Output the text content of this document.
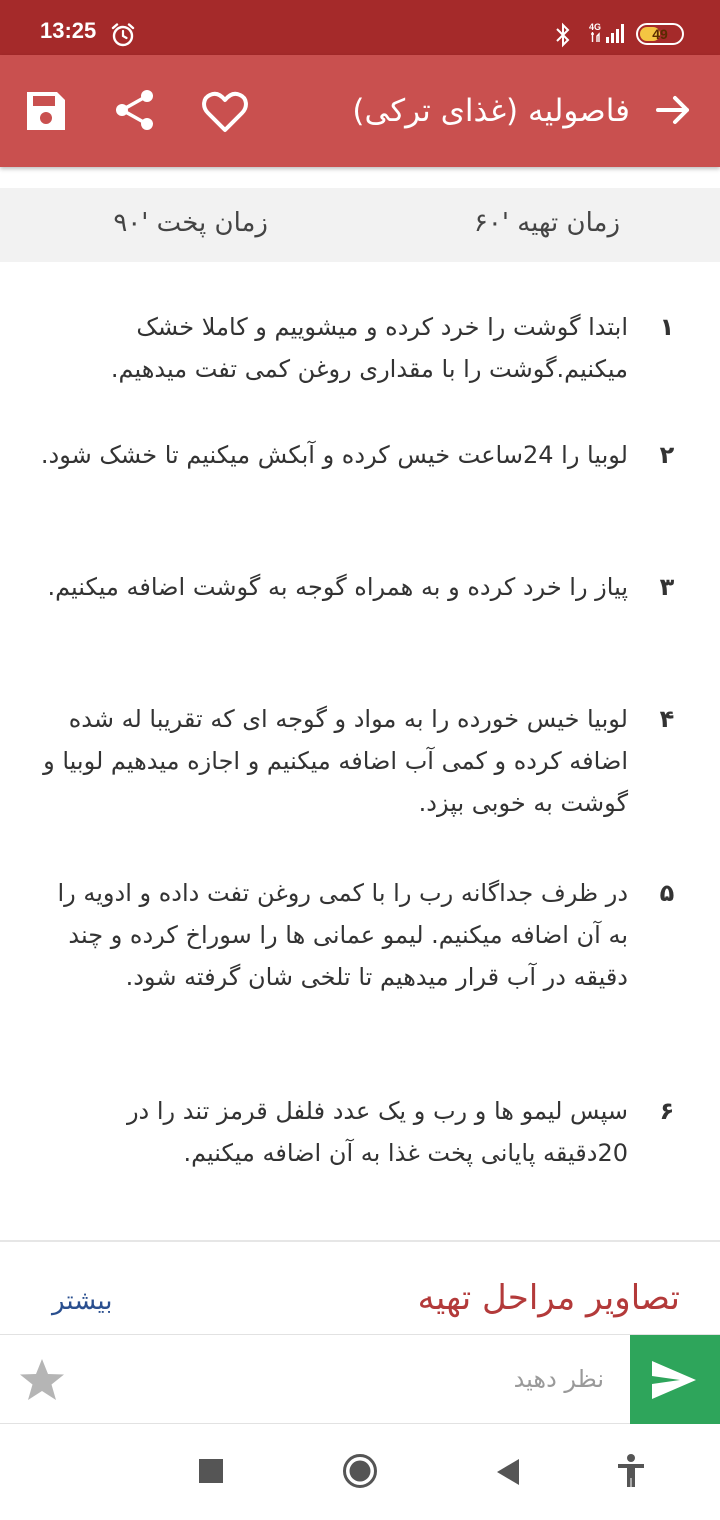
13:25	4G	49
فاصولیه (غذای ترکی)
زمان تهیه '۶۰
زمان پخت '۹۰
۱

ابتدا گوشت را خرد کرده و میشوییم و کاملا خشک میکنیم.گوشت را با مقداری روغن کمی تفت میدهیم.

۲

لوبیا را 24ساعت خیس کرده و آبکش میکنیم تا خشک شود.

۳

پیاز را خرد کرده و به همراه گوجه به گوشت اضافه میکنیم.

۴

لوبیا خیس خورده را به مواد و گوجه ای که تقریبا له شده اضافه کرده و کمی آب اضافه میکنیم و اجازه میدهیم لوبیا و گوشت به خوبی بپزد.

۵

در ظرف جداگانه رب را با کمی روغن تفت داده و ادویه را به آن اضافه میکنیم. لیمو عمانی ها را سوراخ کرده و چند دقیقه در آب قرار میدهیم تا تلخی شان گرفته شود.

۶

سپس لیمو ها و رب و یک عدد فلفل قرمز تند را در 20دقیقه پایانی پخت غذا به آن اضافه میکنیم.

تصاویر مراحل تهیه
بیشتر
نظر دهید
